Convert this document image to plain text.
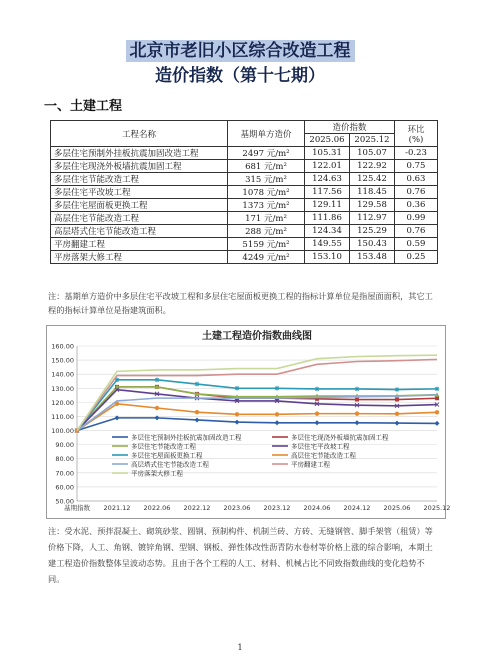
北京市老旧小区综合改造工程
造价指数（第十七期）
一、土建工程
工程名称	基期单方造价	造价指数		环比
(%)
		2025.06	2025.12	
多层住宅预制外挂板抗震加固改造工程	2497 元/m²	105.31	105.07	-0.23
多层住宅现浇外板墙抗震加固工程	681 元/m²	122.01	122.92	0.75
多层住宅节能改造工程	315 元/m²	124.63	125.42	0.63
多层住宅平改坡工程	1078 元/m²	117.56	118.45	0.76
多层住宅屋面板更换工程	1373 元/m²	129.11	129.58	0.36
高层住宅节能改造工程	171 元/m²	111.86	112.97	0.99
高层塔式住宅节能改造工程	288 元/m²	124.34	125.29	0.76
平房翻建工程	5159 元/m²	149.55	150.43	0.59
平房落架大修工程	4249 元/m²	153.10	153.48	0.25
注：基期单方造价中多层住宅平改坡工程和多层住宅屋面板更换工程的指标计算单位是指屋面面积，其它工程的指标计算单位是指建筑面积。
土建工程造价指数曲线图
50.00
60.00
70.00
80.00
90.00
100.00
110.00
120.00
130.00
140.00
150.00
160.00
基期指数 2021.12 2022.06 2022.12 2023.06 2023.12 2024.06 2024.12 2025.06 2025.12
多层住宅预制外挂板抗震加固改造工程	多层住宅现浇外板墙抗震加固工程
多层住宅节能改造工程	多层住宅平改坡工程
多层住宅屋面板更换工程	高层住宅节能改造工程
高层塔式住宅节能改造工程	平房翻建工程
平房落架大修工程
注：受水泥、预拌混凝土、砌筑砂浆、圆钢、预制构件、机制兰砖、方砖、无缝钢管、脚手架管（租赁）等价格下降，人工、角钢、镀锌角钢、型钢、钢板、弹性体改性沥青防水卷材等价格上涨的综合影响，本期土建工程造价指数整体呈波动态势。且由于各个工程的人工、材料、机械占比不同致指数曲线的变化趋势不同。
1
